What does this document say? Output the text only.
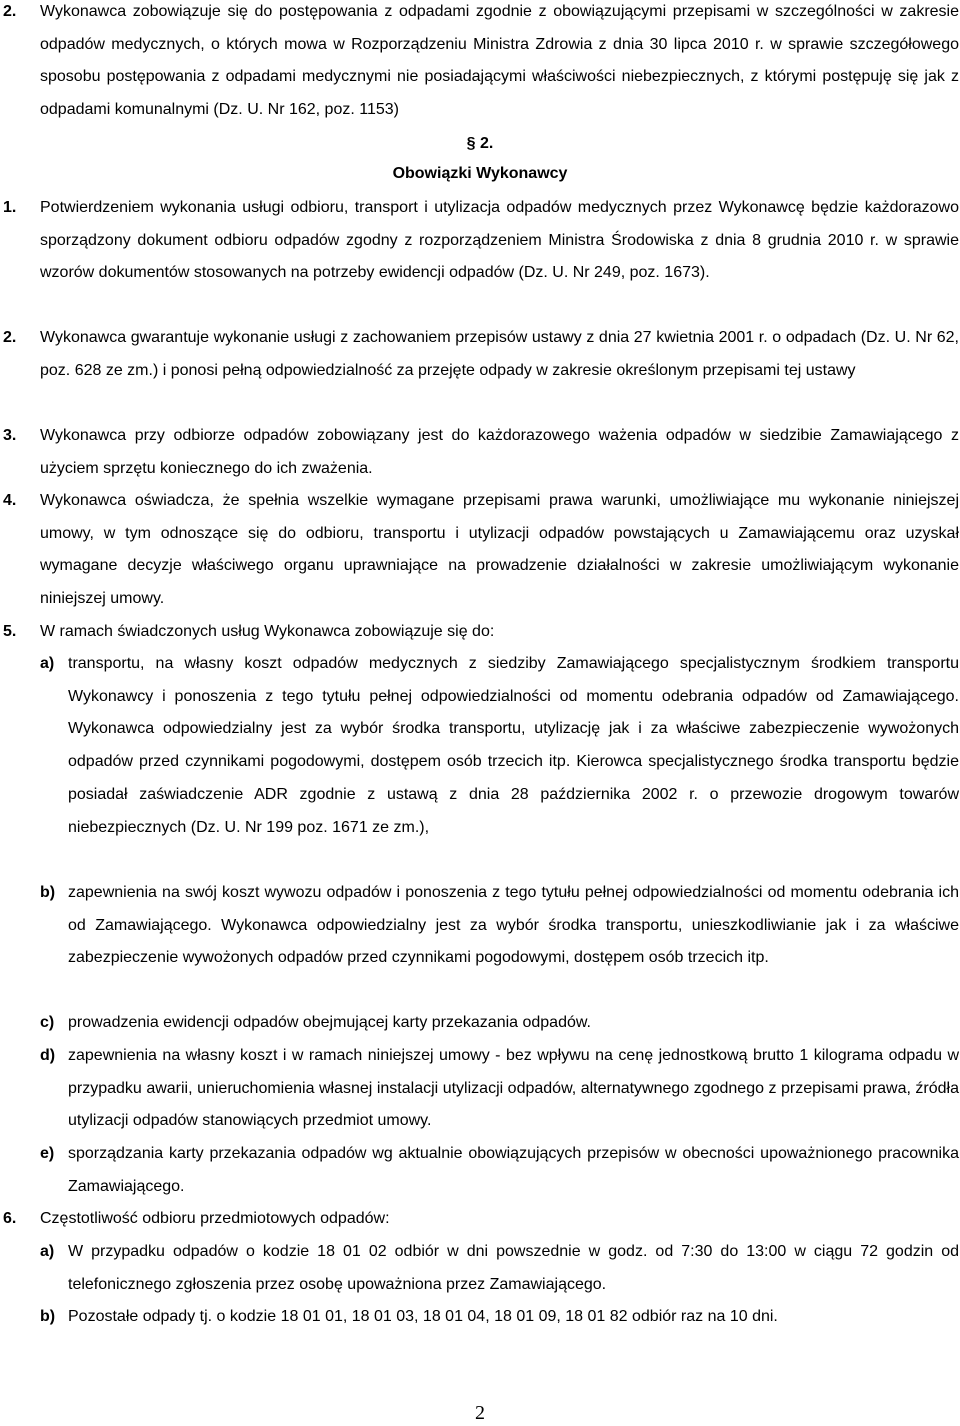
2. Wykonawca zobowiązuje się do postępowania z odpadami zgodnie z obowiązującymi przepisami w szczególności w zakresie odpadów medycznych, o których mowa w Rozporządzeniu Ministra Zdrowia z dnia 30 lipca 2010 r. w sprawie szczegółowego sposobu postępowania z odpadami medycznymi nie posiadającymi właściwości niebezpiecznych, z którymi postępuję się jak z odpadami komunalnymi (Dz. U. Nr 162, poz. 1153)
§ 2.
Obowiązki Wykonawcy
1. Potwierdzeniem wykonania usługi odbioru, transport i utylizacja odpadów medycznych przez Wykonawcę będzie każdorazowo sporządzony dokument odbioru odpadów zgodny z rozporządzeniem Ministra Środowiska z dnia 8 grudnia 2010 r. w sprawie wzorów dokumentów stosowanych na potrzeby ewidencji odpadów (Dz. U. Nr 249, poz. 1673).
2. Wykonawca gwarantuje wykonanie usługi z zachowaniem przepisów ustawy z dnia 27 kwietnia 2001 r. o odpadach (Dz. U. Nr 62, poz. 628 ze zm.) i ponosi pełną odpowiedzialność za przejęte odpady w zakresie określonym przepisami tej ustawy
3. Wykonawca przy odbiorze odpadów zobowiązany jest do każdorazowego ważenia odpadów w siedzibie Zamawiającego z użyciem sprzętu koniecznego do ich zważenia.
4. Wykonawca oświadcza, że spełnia wszelkie wymagane przepisami prawa warunki, umożliwiające mu wykonanie niniejszej umowy, w tym odnoszące się do odbioru, transportu i utylizacji odpadów powstających u Zamawiającemu oraz uzyskał wymagane decyzje właściwego organu uprawniające na prowadzenie działalności w zakresie umożliwiającym wykonanie niniejszej umowy.
5. W ramach świadczonych usług Wykonawca zobowiązuje się do:
a) transportu, na własny koszt odpadów medycznych z siedziby Zamawiającego specjalistycznym środkiem transportu Wykonawcy i ponoszenia z tego tytułu pełnej odpowiedzialności od momentu odebrania odpadów od Zamawiającego. Wykonawca odpowiedzialny jest za wybór środka transportu, utylizację jak i za właściwe zabezpieczenie wywożonych odpadów przed czynnikami pogodowymi, dostępem osób trzecich itp. Kierowca specjalistycznego środka transportu będzie posiadał zaświadczenie ADR zgodnie z ustawą z dnia 28 października 2002 r. o przewozie drogowym towarów niebezpiecznych (Dz. U. Nr 199 poz. 1671 ze zm.),
b) zapewnienia na swój koszt wywozu odpadów i ponoszenia z tego tytułu pełnej odpowiedzialności od momentu odebrania ich od Zamawiającego. Wykonawca odpowiedzialny jest za wybór środka transportu, unieszkodliwianie jak i za właściwe zabezpieczenie wywożonych odpadów przed czynnikami pogodowymi, dostępem osób trzecich itp.
c) prowadzenia ewidencji odpadów obejmującej karty przekazania odpadów.
d) zapewnienia na własny koszt i w ramach niniejszej umowy - bez wpływu na cenę jednostkową brutto 1 kilograma odpadu w przypadku awarii, unieruchomienia własnej instalacji utylizacji odpadów, alternatywnego zgodnego z przepisami prawa, źródła utylizacji odpadów stanowiących przedmiot umowy.
e) sporządzania karty przekazania odpadów wg aktualnie obowiązujących przepisów w obecności upoważnionego pracownika Zamawiającego.
6. Częstotliwość odbioru przedmiotowych odpadów:
a) W przypadku odpadów o kodzie 18 01 02 odbiór w dni powszednie w godz. od 7:30 do 13:00 w ciągu 72 godzin od telefonicznego zgłoszenia przez osobę upoważniona przez Zamawiającego.
b) Pozostałe odpady tj. o kodzie 18 01 01, 18 01 03, 18 01 04, 18 01 09, 18 01 82 odbiór raz na 10 dni.
2
